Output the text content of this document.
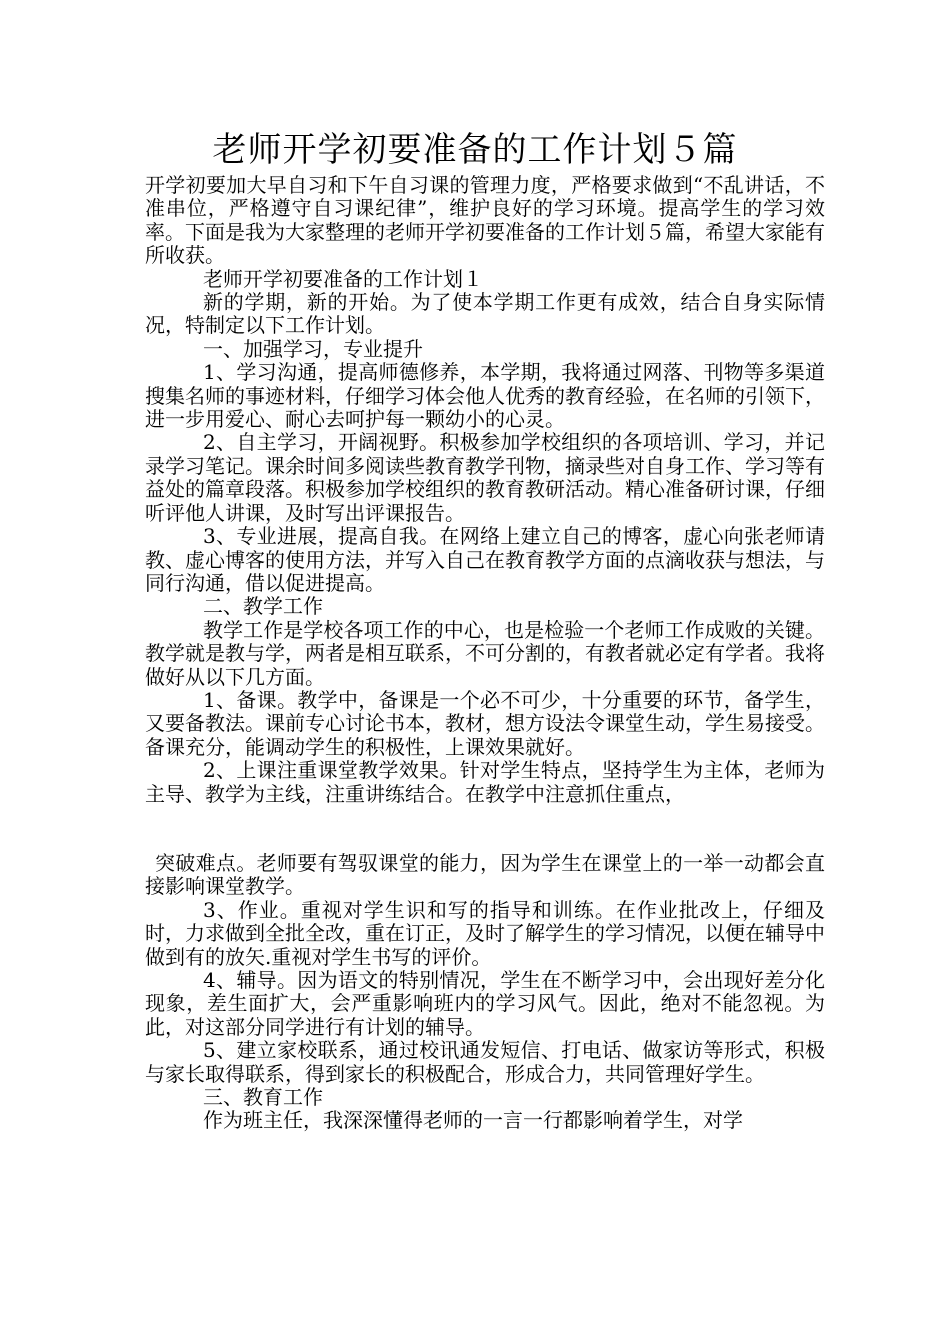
老师开学初要准备的工作计划５篇

开学初要加大早自习和下午自习课的管理力度，严格要求做到“不乱讲话，不准串位，严格遵守自习课纪律”，维护良好的学习环境。提高学生的学习效率。下面是我为大家整理的老师开学初要准备的工作计划５篇，希望大家能有所收获。

老师开学初要准备的工作计划１

新的学期，新的开始。为了使本学期工作更有成效，结合自身实际情况，特制定以下工作计划。

一、加强学习，专业提升

1、学习沟通，提高师德修养，本学期，我将通过网落、刊物等多渠道搜集名师的事迹材料，仔细学习体会他人优秀的教育经验，在名师的引领下，进一步用爱心、耐心去呵护每一颗幼小的心灵。

2、自主学习，开阔视野。积极参加学校组织的各项培训、学习，并记录学习笔记。课余时间多阅读些教育教学刊物，摘录些对自身工作、学习等有益处的篇章段落。积极参加学校组织的教育教研活动。精心准备研讨课，仔细听评他人讲课，及时写出评课报告。

3、专业进展，提高自我。在网络上建立自己的博客，虚心向张老师请教、虚心博客的使用方法，并写入自己在教育教学方面的点滴收获与想法，与同行沟通，借以促进提高。

二、教学工作

教学工作是学校各项工作的中心，也是检验一个老师工作成败的关键。教学就是教与学，两者是相互联系，不可分割的，有教者就必定有学者。我将做好从以下几方面。

1、备课。教学中，备课是一个必不可少，十分重要的环节，备学生，又要备教法。课前专心讨论书本，教材，想方设法令课堂生动，学生易接受。备课充分，能调动学生的积极性，上课效果就好。

2、上课注重课堂教学效果。针对学生特点，坚持学生为主体，老师为主导、教学为主线，注重讲练结合。在教学中注意抓住重点，

突破难点。老师要有驾驭课堂的能力，因为学生在课堂上的一举一动都会直接影响课堂教学。

3、作业。重视对学生识和写的指导和训练。在作业批改上，仔细及时，力求做到全批全改，重在订正，及时了解学生的学习情况，以便在辅导中做到有的放矢.重视对学生书写的评价。

4、辅导。因为语文的特别情况，学生在不断学习中，会出现好差分化现象，差生面扩大，会严重影响班内的学习风气。因此，绝对不能忽视。为此，对这部分同学进行有计划的辅导。

5、建立家校联系，通过校讯通发短信、打电话、做家访等形式，积极与家长取得联系，得到家长的积极配合，形成合力，共同管理好学生。

三、教育工作

作为班主任，我深深懂得老师的一言一行都影响着学生，对学
